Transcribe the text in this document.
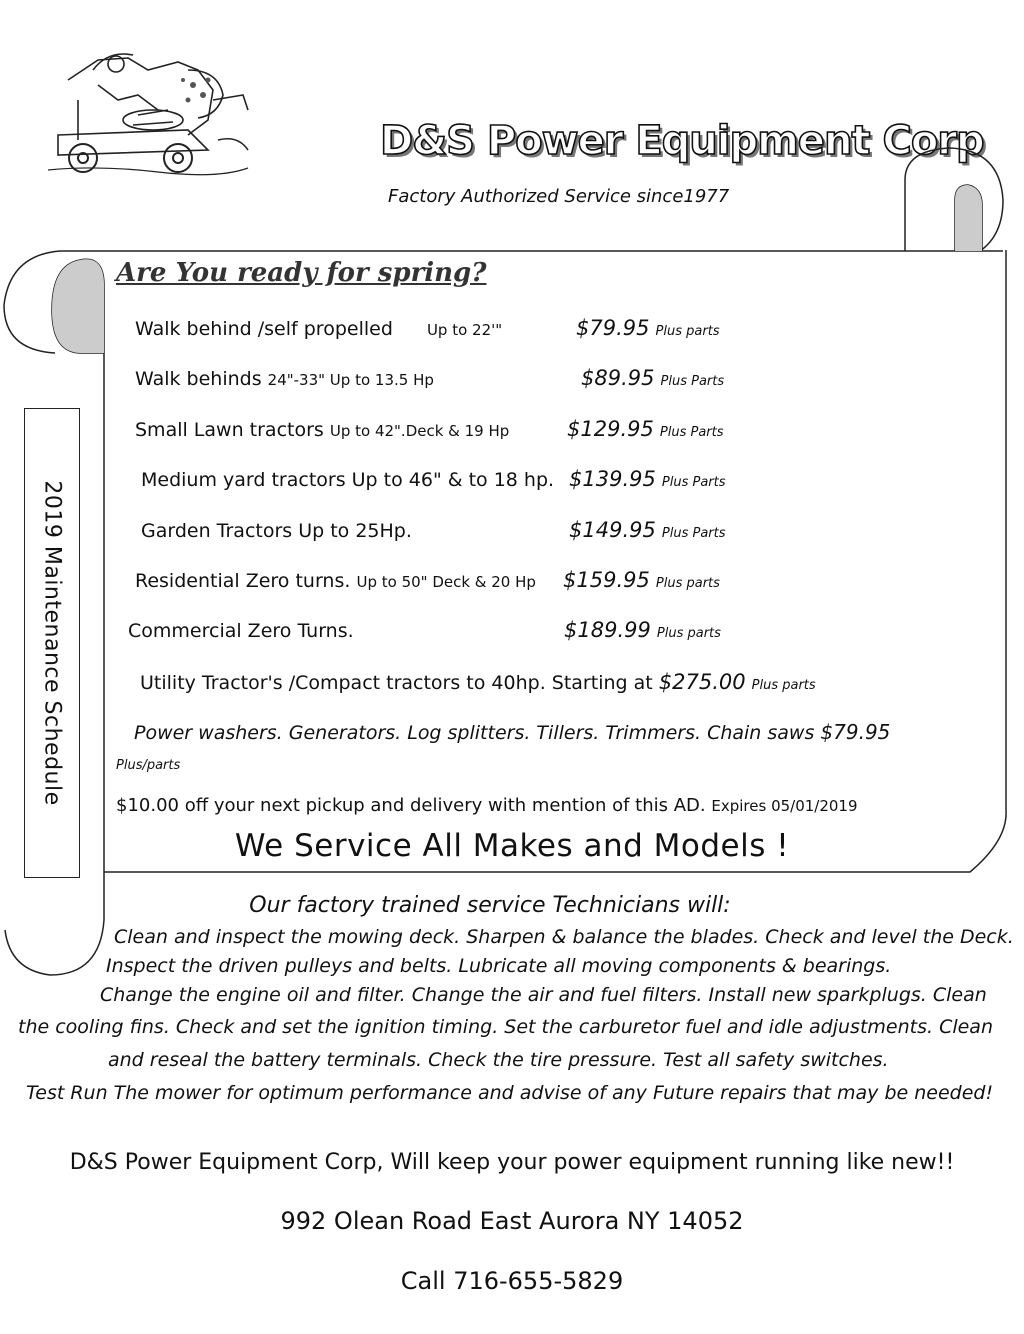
D&S Power Equipment Corp
Factory Authorized Service since1977
Are You ready for spring?
2019 Maintenance Schedule
Walk behind /self propelled Up to 22'"	$79.95 Plus parts
Walk behinds 24"-33" Up to 13.5 Hp	$89.95 Plus Parts
Small Lawn tractors Up to 42".Deck & 19 Hp	$129.95 Plus Parts
Medium yard tractors Up to 46" & to 18 hp. $139.95 Plus Parts
Garden Tractors Up to 25Hp.	$149.95 Plus Parts
Residential Zero turns. Up to 50" Deck & 20 Hp $159.95 Plus parts
Commercial Zero Turns.	$189.99 Plus parts
Utility Tractor's /Compact tractors to 40hp. Starting at $275.00 Plus parts
Power washers. Generators. Log splitters. Tillers. Trimmers. Chain saws $79.95
Plus/parts
$10.00 off your next pickup and delivery with mention of this AD. Expires 05/01/2019
We Service All Makes and Models !
Our factory trained service Technicians will:
Clean and inspect the mowing deck. Sharpen & balance the blades. Check and level the Deck.
Inspect the driven pulleys and belts. Lubricate all moving components & bearings.
Change the engine oil and filter. Change the air and fuel filters. Install new sparkplugs. Clean
the cooling fins. Check and set the ignition timing. Set the carburetor fuel and idle adjustments. Clean
and reseal the battery terminals. Check the tire pressure. Test all safety switches.
Test Run The mower for optimum performance and advise of any Future repairs that may be needed!
D&S Power Equipment Corp, Will keep your power equipment running like new!!
992 Olean Road East Aurora NY 14052
Call 716-655-5829
